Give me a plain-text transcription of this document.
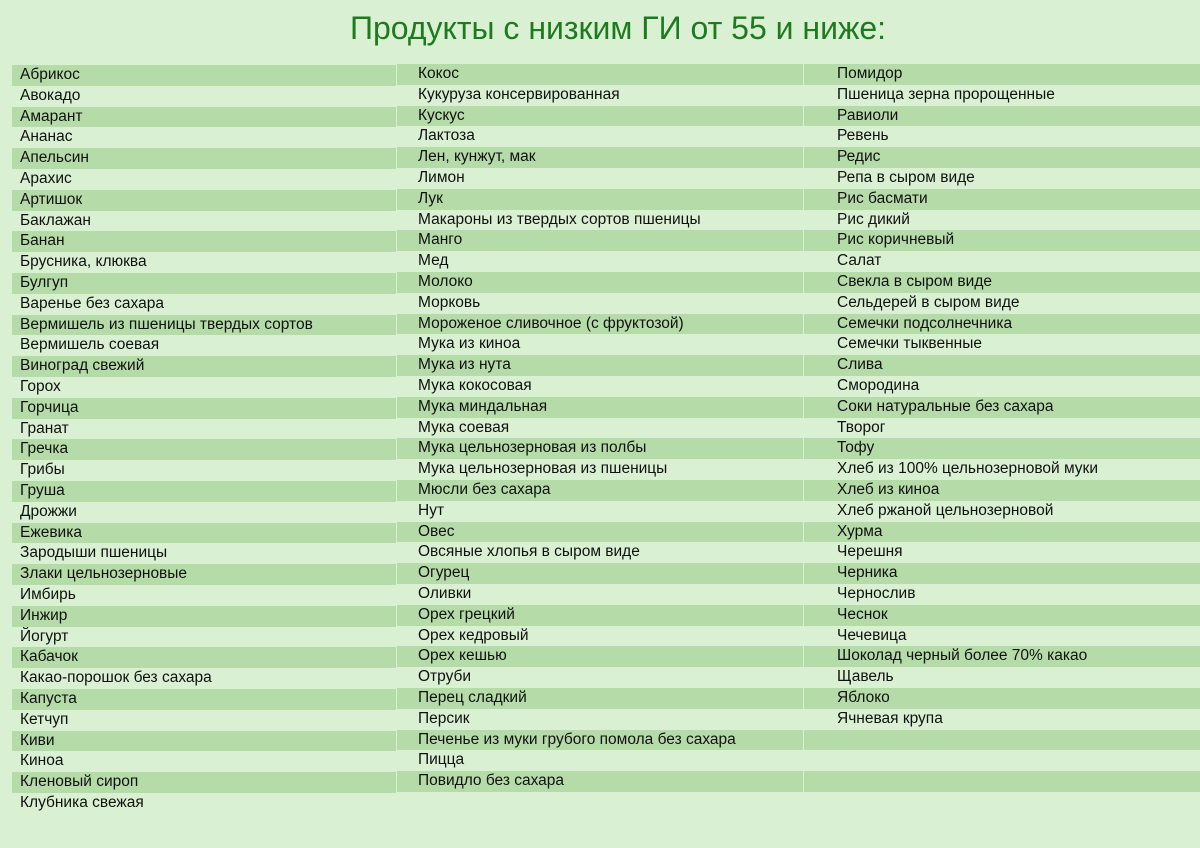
Продукты с низким ГИ от 55 и ниже:
Абрикос
Авокадо
Амарант
Ананас
Апельсин
Арахис
Артишок
Баклажан
Банан
Брусника, клюква
Булгуп
Варенье без сахара
Вермишель из пшеницы твердых сортов
Вермишель соевая
Виноград свежий
Горох
Горчица
Гранат
Гречка
Грибы
Груша
Дрожжи
Ежевика
Зародыши пшеницы
Злаки цельнозерновые
Имбирь
Инжир
Йогурт
Кабачок
Какао-порошок без сахара
Капуста
Кетчуп
Киви
Киноа
Кленовый сироп
Клубника свежая
Кокос
Кукуруза консервированная
Кускус
Лактоза
Лен, кунжут, мак
Лимон
Лук
Макароны из твердых сортов пшеницы
Манго
Мед
Молоко
Морковь
Мороженое сливочное (с фруктозой)
Мука из киноа
Мука из нута
Мука кокосовая
Мука миндальная
Мука соевая
Мука цельнозерновая из полбы
Мука цельнозерновая из пшеницы
Мюсли без сахара
Нут
Овес
Овсяные хлопья в сыром виде
Огурец
Оливки
Орех грецкий
Орех кедровый
Орех кешью
Отруби
Перец сладкий
Персик
Печенье из муки грубого помола без сахара
Пицца
Повидло без сахара
Помидор
Пшеница зерна пророщенные
Равиоли
Ревень
Редис
Репа в сыром виде
Рис басмати
Рис дикий
Рис коричневый
Салат
Свекла в сыром виде
Сельдерей в сыром виде
Семечки подсолнечника
Семечки тыквенные
Слива
Смородина
Соки натуральные без сахара
Творог
Тофу
Хлеб из 100% цельнозерновой муки
Хлеб из киноа
Хлеб ржаной цельнозерновой
Хурма
Черешня
Черника
Чернослив
Чеснок
Чечевица
Шоколад черный более 70% какао
Щавель
Яблоко
Ячневая крупа
